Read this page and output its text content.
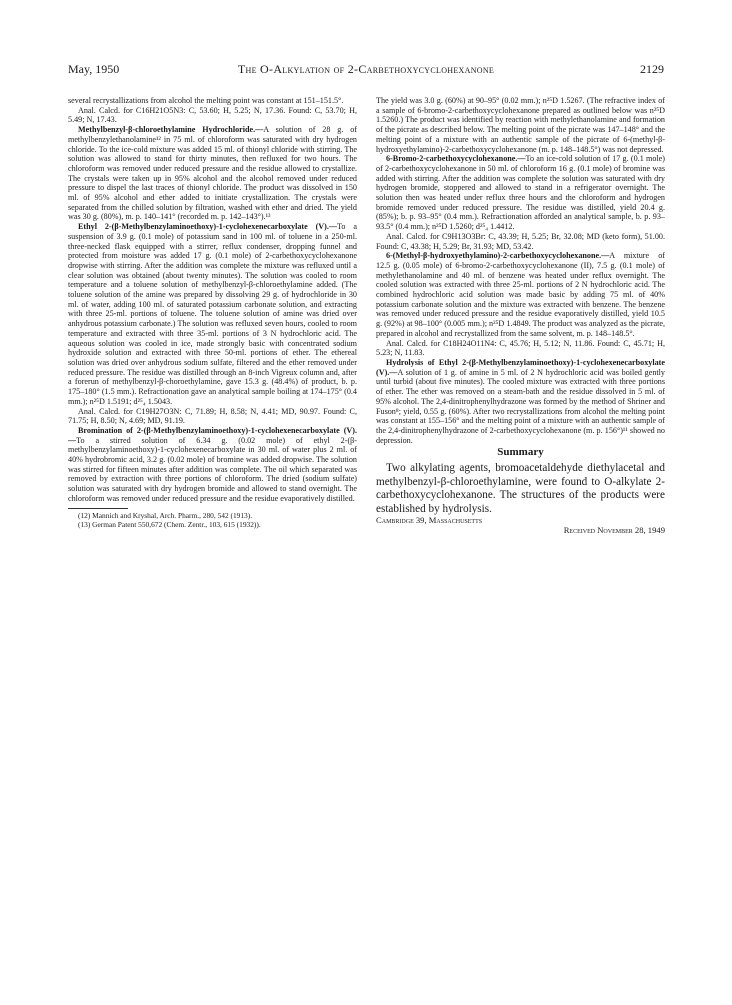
May, 1950	The O-Alkylation of 2-Carbethoxycyclohexanone	2129

several recrystallizations from alcohol the melting point was constant at 151–151.5°.

Anal. Calcd. for C16H21O5N3: C, 53.60; H, 5.25; N, 17.36. Found: C, 53.70; H, 5.49; N, 17.43.

Methylbenzyl-β-chloroethylamine Hydrochloride.—A solution of 28 g. of methylbenzylethanolamine¹² in 75 ml. of chloroform was saturated with dry hydrogen chloride. To the ice-cold mixture was added 15 ml. of thionyl chloride with stirring. The solution was allowed to stand for thirty minutes, then refluxed for two hours. The chloroform was removed under reduced pressure and the residue allowed to crystallize. The crystals were taken up in 95% alcohol and the alcohol removed under reduced pressure to dispel the last traces of thionyl chloride. The product was dissolved in 150 ml. of 95% alcohol and ether added to initiate crystallization. The crystals were separated from the chilled solution by filtration, washed with ether and dried. The yield was 30 g. (80%), m. p. 140–141° (recorded m. p. 142–143°).¹³

Ethyl 2-(β-Methylbenzylaminoethoxy)-1-cyclohexenecarboxylate (V).—To a suspension of 3.9 g. (0.1 mole) of potassium sand in 100 ml. of toluene in a 250-ml. three-necked flask equipped with a stirrer, reflux condenser, dropping funnel and protected from moisture was added 17 g. (0.1 mole) of 2-carbethoxycyclohexanone dropwise with stirring. After the addition was complete the mixture was refluxed until a clear solution was obtained (about twenty minutes). The solution was cooled to room temperature and a toluene solution of methylbenzyl-β-chloroethylamine added. (The toluene solution of the amine was prepared by dissolving 29 g. of hydrochloride in 30 ml. of water, adding 100 ml. of saturated potassium carbonate solution, and extracting with three 25-ml. portions of toluene. The toluene solution of amine was dried over anhydrous potassium carbonate.) The solution was refluxed seven hours, cooled to room temperature and extracted with three 35-ml. portions of 3 N hydrochloric acid. The aqueous solution was cooled in ice, made strongly basic with concentrated sodium hydroxide solution and extracted with three 50-ml. portions of ether. The ethereal solution was dried over anhydrous sodium sulfate, filtered and the ether removed under reduced pressure. The residue was distilled through an 8-inch Vigreux column and, after a forerun of methylbenzyl-β-choroethylamine, gave 15.3 g. (48.4%) of product, b. p. 175–180° (1.5 mm.). Refractionation gave an analytical sample boiling at 174–175° (0.4 mm.); n²⁵D 1.5191; d²⁵₄ 1.5043.

Anal. Calcd. for C19H27O3N: C, 71.89; H, 8.58; N, 4.41; MD, 90.97. Found: C, 71.75; H, 8.50; N, 4.69; MD, 91.19.

Bromination of 2-(β-Methylbenzylaminoethoxy)-1-cyclohexenecarboxylate (V).—To a stirred solution of 6.34 g. (0.02 mole) of ethyl 2-(β-methylbenzylaminoethoxy)-1-cyclohexenecarboxylate in 30 ml. of water plus 2 ml. of 40% hydrobromic acid, 3.2 g. (0.02 mole) of bromine was added dropwise. The solution was stirred for fifteen minutes after addition was complete. The oil which separated was removed by extraction with three portions of chloroform. The dried (sodium sulfate) solution was saturated with dry hydrogen bromide and allowed to stand overnight. The chloroform was removed under reduced pressure and the residue evaporatively distilled.

(12) Mannich and Kryshal, Arch. Pharm., 280, 542 (1913).

(13) German Patent 550,672 (Chem. Zentr., 103, 615 (1932)).

The yield was 3.0 g. (60%) at 90–95° (0.02 mm.); n²⁵D 1.5267. (The refractive index of a sample of 6-bromo-2-carbethoxycyclohexanone prepared as outlined below was n²⁵D 1.5260.) The product was identified by reaction with methylethanolamine and formation of the picrate as described below. The melting point of the picrate was 147–148° and the melting point of a mixture with an authentic sample of the picrate of 6-(methyl-β-hydroxyethylamino)-2-carbethoxycyclohexanone (m. p. 148–148.5°) was not depressed.

6-Bromo-2-carbethoxycyclohexanone.—To an ice-cold solution of 17 g. (0.1 mole) of 2-carbethoxycyclohexanone in 50 ml. of chloroform 16 g. (0.1 mole) of bromine was added with stirring. After the addition was complete the solution was saturated with dry hydrogen bromide, stoppered and allowed to stand in a refrigerator overnight. The solution then was heated under reflux three hours and the chloroform and hydrogen bromide removed under reduced pressure. The residue was distilled, yield 20.4 g. (85%); b. p. 93–95° (0.4 mm.). Refractionation afforded an analytical sample, b. p. 93–93.5° (0.4 mm.); n²⁵D 1.5260; d²⁵₄ 1.4412.

Anal. Calcd. for C9H13O3Br: C, 43.39; H, 5.25; Br, 32.08; MD (keto form), 51.00. Found: C, 43.38; H, 5.29; Br, 31.93; MD, 53.42.

6-(Methyl-β-hydroxyethylamino)-2-carbethoxycyclohexanone.—A mixture of 12.5 g. (0.05 mole) of 6-bromo-2-carbethoxycyclohexanone (II), 7.5 g. (0.1 mole) of methylethanolamine and 40 ml. of benzene was heated under reflux overnight. The cooled solution was extracted with three 25-ml. portions of 2 N hydrochloric acid. The combined hydrochloric acid solution was made basic by adding 75 ml. of 40% potassium carbonate solution and the mixture was extracted with benzene. The benzene was removed under reduced pressure and the residue evaporatively distilled, yield 10.5 g. (92%) at 98–100° (0.005 mm.); n²⁵D 1.4849. The product was analyzed as the picrate, prepared in alcohol and recrystallized from the same solvent, m. p. 148–148.5°.

Anal. Calcd. for C18H24O11N4: C, 45.76; H, 5.12; N, 11.86. Found: C, 45.71; H, 5.23; N, 11.83.

Hydrolysis of Ethyl 2-(β-Methylbenzylaminoethoxy)-1-cyclohexenecarboxylate (V).—A solution of 1 g. of amine in 5 ml. of 2 N hydrochloric acid was boiled gently until turbid (about five minutes). The cooled mixture was extracted with three portions of ether. The ether was removed on a steam-bath and the residue dissolved in 5 ml. of 95% alcohol. The 2,4-dinitrophenylhydrazone was formed by the method of Shriner and Fuson⁸; yield, 0.55 g. (60%). After two recrystallizations from alcohol the melting point was constant at 155–156° and the melting point of a mixture with an authentic sample of the 2,4-dinitrophenylhydrazone of 2-carbethoxycyclohexanone (m. p. 156°)¹¹ showed no depression.

Summary

Two alkylating agents, bromoacetaldehyde diethylacetal and methylbenzyl-β-chloroethylamine, were found to O-alkylate 2-carbethoxycyclohexanone. The structures of the products were established by hydrolysis.

Cambridge 39, Massachusetts

Received November 28, 1949
